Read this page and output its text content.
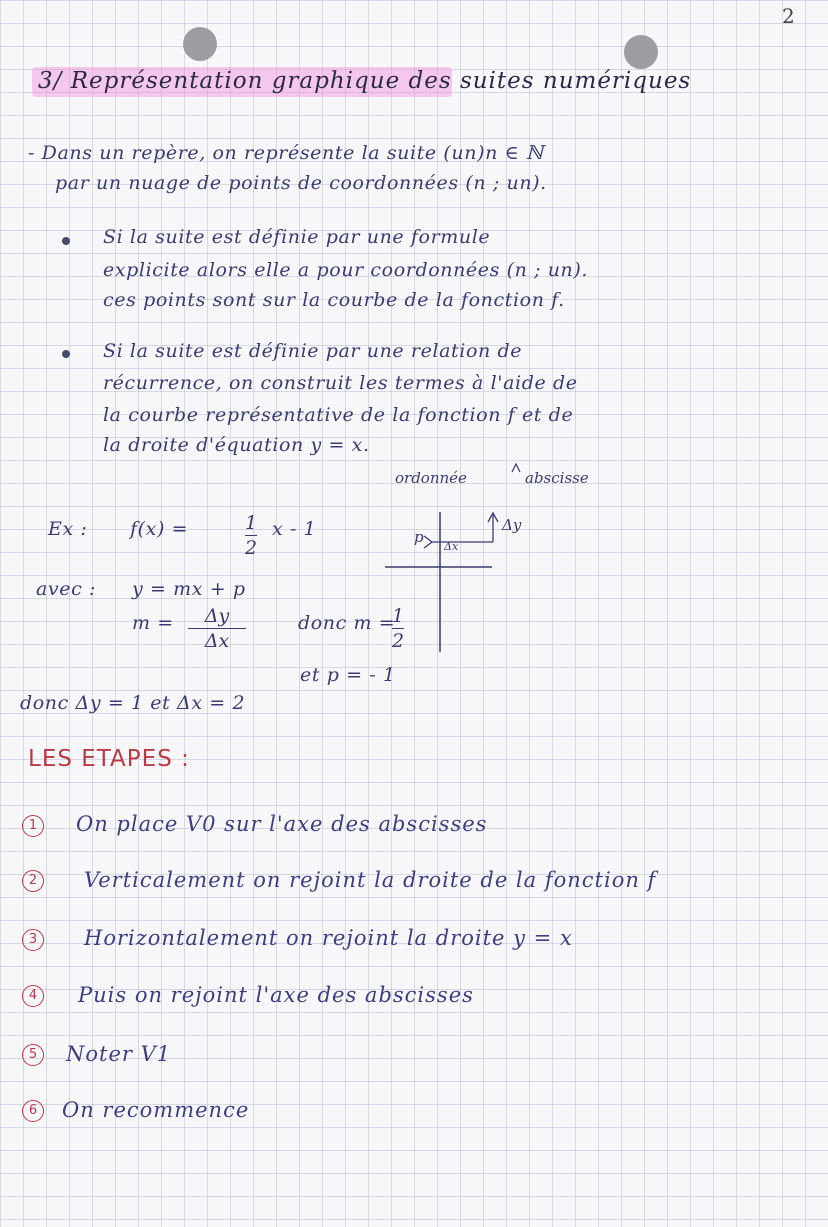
2
3/ Représentation graphique des suites numériques
- Dans un repère, on représente la suite (un)n ∈ ℕ
par un nuage de points de coordonnées (n ; un).
Si la suite est définie par une formule
explicite alors elle a pour coordonnées (n ; un).
ces points sont sur la courbe de la fonction f.
Si la suite est définie par une relation de
récurrence, on construit les termes à l'aide de
la courbe représentative de la fonction f et de
la droite d'équation y = x.
ordonnée	abscisse
Ex : f(x) =	1
2
x - 1
avec : y = mx + p
m = Δy
Δx
donc m =
1
2
et p = - 1
donc Δy = 1 et Δx = 2
p
Δx
Δy
LES ETAPES :
1	On place V0 sur l'axe des abscisses
2	Verticalement on rejoint la droite de la fonction f
3	Horizontalement on rejoint la droite y = x
4	Puis on rejoint l'axe des abscisses
5	Noter V1
6	On recommence
